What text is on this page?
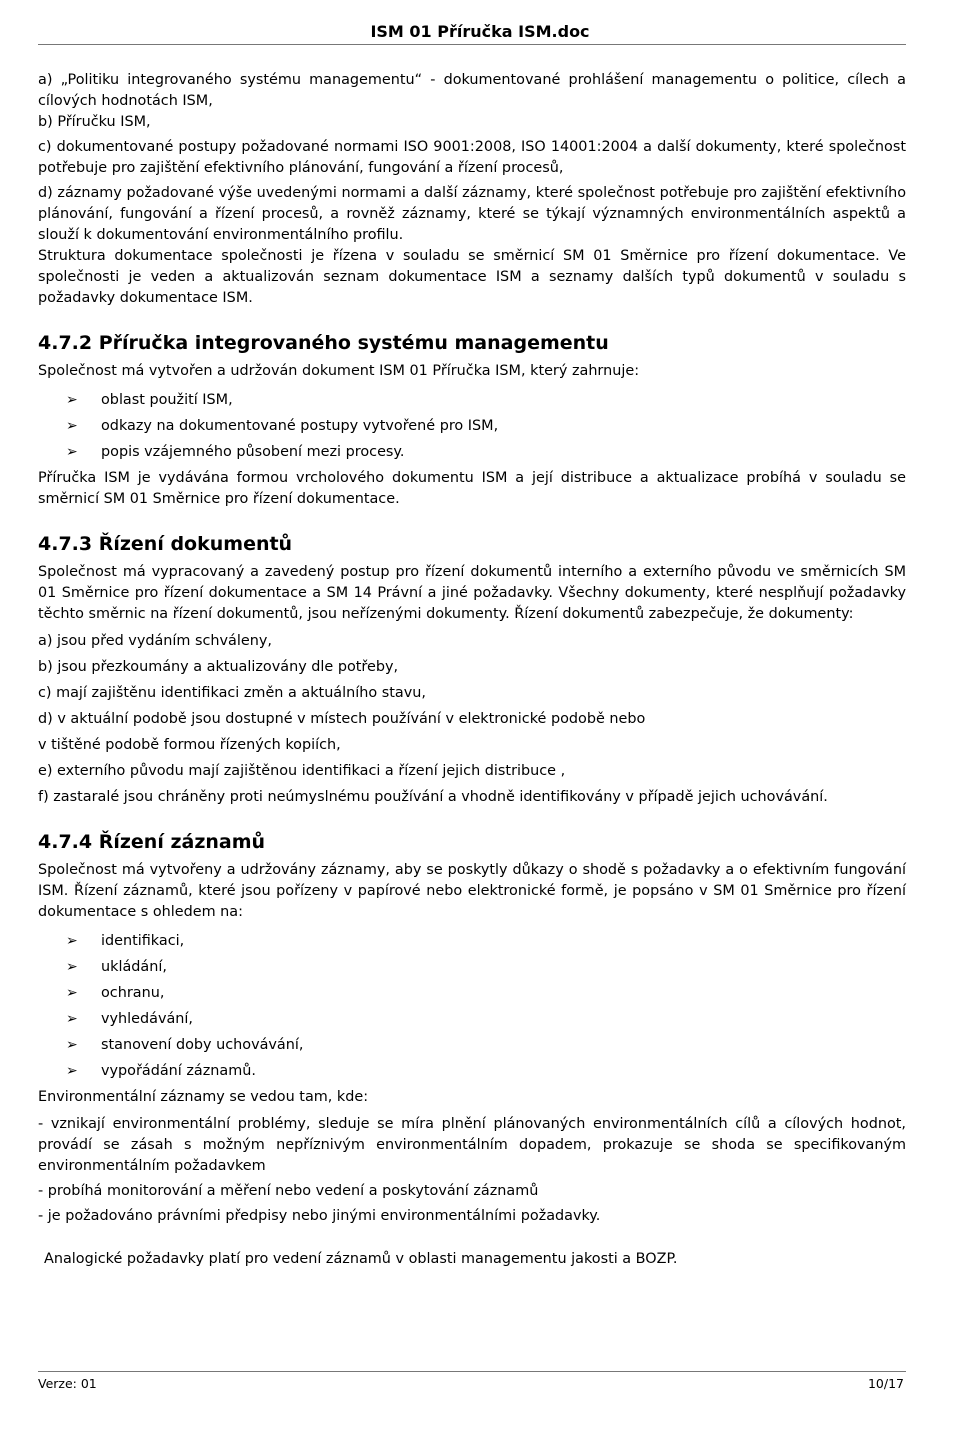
ISM 01 Příručka ISM.doc

a) „Politiku integrovaného systému managementu“ - dokumentované prohlášení managementu o politice, cílech a cílových hodnotách ISM,

b) Příručku ISM,

c) dokumentované postupy požadované normami ISO 9001:2008, ISO 14001:2004 a další dokumenty, které společnost potřebuje pro zajištění efektivního plánování, fungování a řízení procesů,

d) záznamy požadované výše uvedenými normami a další záznamy, které společnost potřebuje pro zajištění efektivního plánování, fungování a řízení procesů, a rovněž záznamy, které se týkají významných environmentálních aspektů a slouží k dokumentování environmentálního profilu.

Struktura dokumentace společnosti je řízena v souladu se směrnicí SM 01 Směrnice pro řízení dokumentace. Ve společnosti je veden a aktualizován seznam dokumentace ISM a seznamy dalších typů dokumentů v souladu s požadavky dokumentace ISM.

4.7.2 Příručka integrovaného systému managementu

Společnost má vytvořen a udržován dokument ISM 01 Příručka ISM, který zahrnuje:

➢ oblast použití ISM,
➢ odkazy na dokumentované postupy vytvořené pro ISM,
➢ popis vzájemného působení mezi procesy.

Příručka ISM je vydávána formou vrcholového dokumentu ISM a její distribuce a aktualizace probíhá v souladu se směrnicí SM 01 Směrnice pro řízení dokumentace.

4.7.3 Řízení dokumentů

Společnost má vypracovaný a zavedený postup pro řízení dokumentů interního a externího původu ve směrnicích SM 01 Směrnice pro řízení dokumentace a SM 14 Právní a jiné požadavky. Všechny dokumenty, které nesplňují požadavky těchto směrnic na řízení dokumentů, jsou neřízenými dokumenty. Řízení dokumentů zabezpečuje, že dokumenty:

a) jsou před vydáním schváleny,

b) jsou přezkoumány a aktualizovány dle potřeby,

c) mají zajištěnu identifikaci změn a aktuálního stavu,

d) v aktuální podobě jsou dostupné v místech používání v elektronické podobě nebo

v tištěné podobě formou řízených kopiích,

e) externího původu mají zajištěnou identifikaci a řízení jejich distribuce ,

f) zastaralé jsou chráněny proti neúmyslnému používání a vhodně identifikovány v případě jejich uchovávání.

4.7.4 Řízení záznamů

Společnost má vytvořeny a udržovány záznamy, aby se poskytly důkazy o shodě s požadavky a o efektivním fungování ISM. Řízení záznamů, které jsou pořízeny v papírové nebo elektronické formě, je popsáno v SM 01 Směrnice pro řízení dokumentace s ohledem na:

➢ identifikaci,
➢ ukládání,
➢ ochranu,
➢ vyhledávání,
➢ stanovení doby uchovávání,
➢ vypořádání záznamů.

Environmentální záznamy se vedou tam, kde:

- vznikají environmentální problémy, sleduje se míra plnění plánovaných environmentálních cílů a cílových hodnot, provádí se zásah s možným nepříznivým environmentálním dopadem, prokazuje se shoda se specifikovaným environmentálním požadavkem

- probíhá monitorování a měření nebo vedení a poskytování záznamů

- je požadováno právními předpisy nebo jinými environmentálními požadavky.

Analogické požadavky platí pro vedení záznamů v oblasti managementu jakosti a BOZP.

Verze: 01	10/17
